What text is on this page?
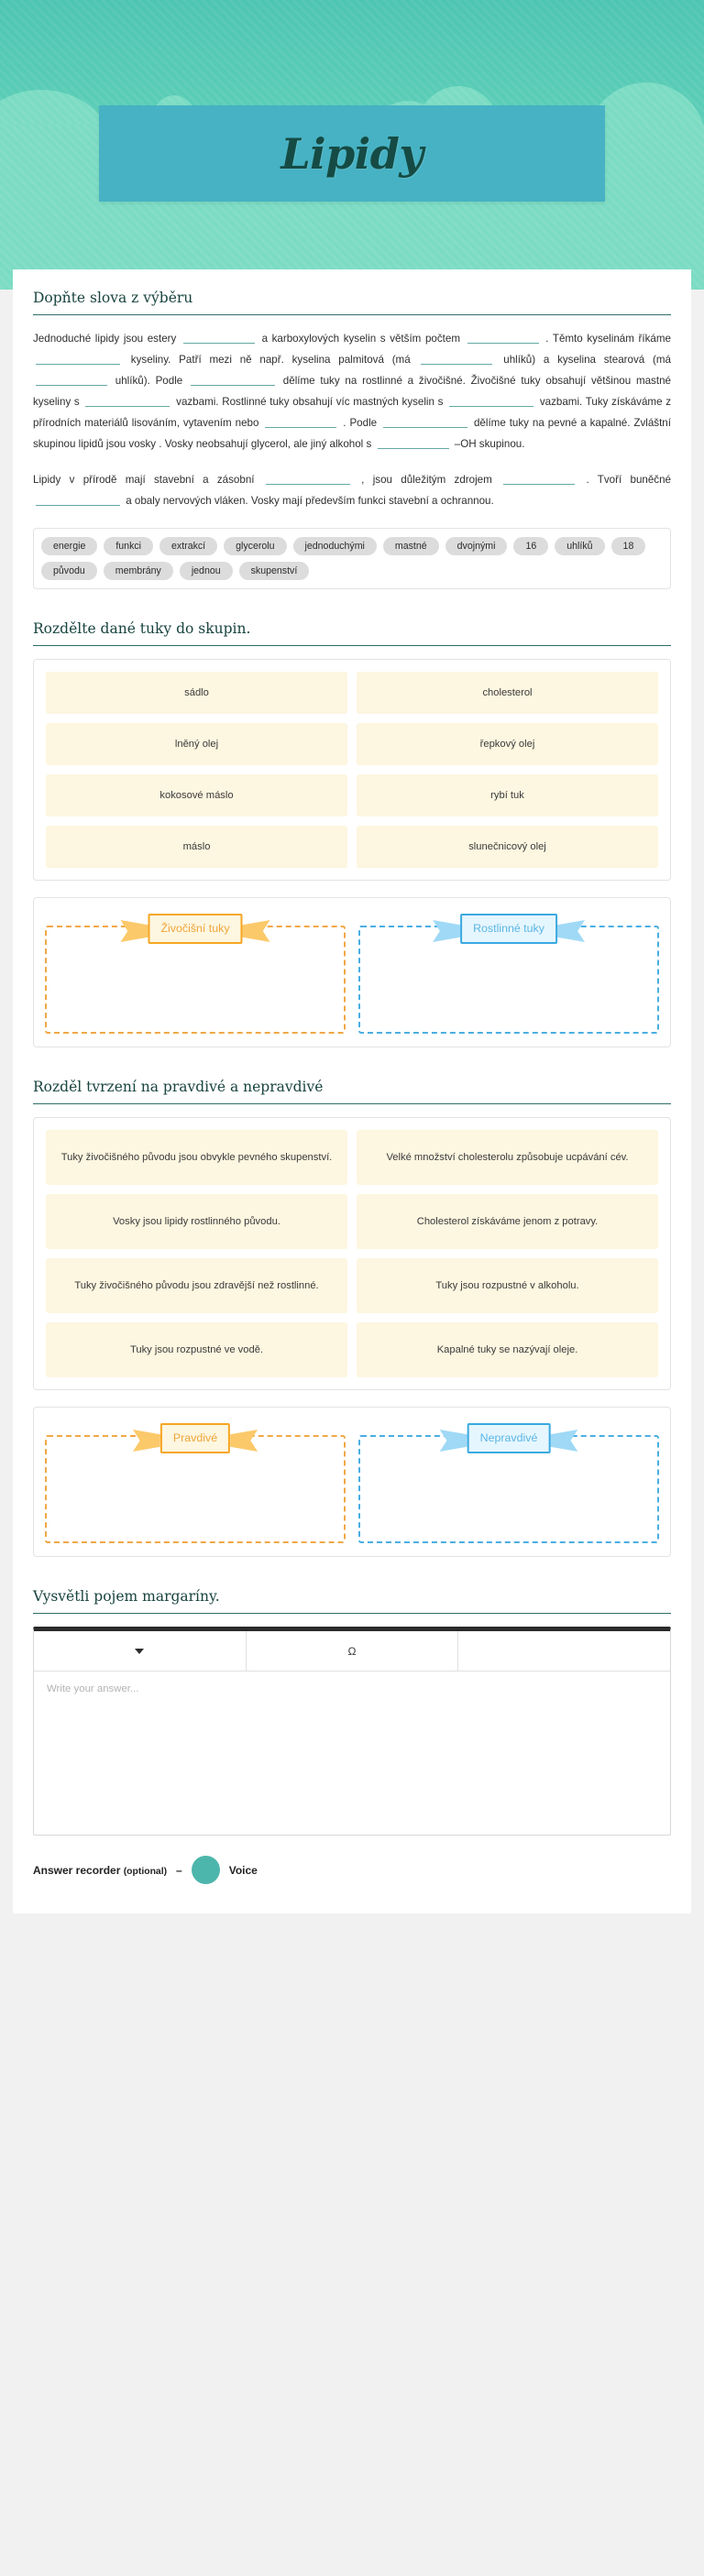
Lipidy
Dopňte slova z výběru

Jednoduché lipidy jsou estery	a karboxylových kyselin s větším počtem	. Těmto kyselinám říkáme  kyseliny. Patří mezi ně např. kyselina palmitová (má	uhlíků) a kyselina stearová (má  uhlíků). Podle	dělíme tuky na rostlinné a živočišné. Živočišné tuky obsahují většinou mastné kyseliny s	vazbami. Rostlinné tuky obsahují víc mastných kyselin s	vazbami. Tuky získáváme z přírodních materiálů lisováním, vytavením nebo	. Podle	dělíme tuky na pevné a kapalné. Zvláštní skupinou lipidů jsou vosky . Vosky neobsahují glycerol, ale jiný alkohol s	–OH skupinou.

Lipidy v přírodě mají stavební a zásobní	, jsou důležitým zdrojem	. Tvoří buněčné  a obaly nervových vláken. Vosky mají především funkci stavební a ochrannou.

energie	funkci	extrakcí	glycerolu	jednoduchými	mastné	dvojnými	16	uhlíků	18
původu	membrány	jednou	skupenství
Rozdělte dané tuky do skupin.
sádlo	cholesterol
lněný olej	řepkový olej
kokosové máslo	rybí tuk
máslo	slunečnicový olej
Živočišní tuky	Rostlinné tuky
Rozděl tvrzení na pravdivé a nepravdivé
Tuky živočišného původu jsou obvykle pevného skupenství.	Velké množství cholesterolu způsobuje ucpávání cév.
Vosky jsou lipidy rostlinného původu.	Cholesterol získáváme jenom z potravy.
Tuky živočišného původu jsou zdravější než rostlinné.	Tuky jsou rozpustné v alkoholu.
Tuky jsou rozpustné ve vodě.	Kapalné tuky se nazývají oleje.
Pravdivé	Nepravdivé
Vysvětli pojem margaríny.
Ω
Write your answer...
Answer recorder (optional) –	Voice
